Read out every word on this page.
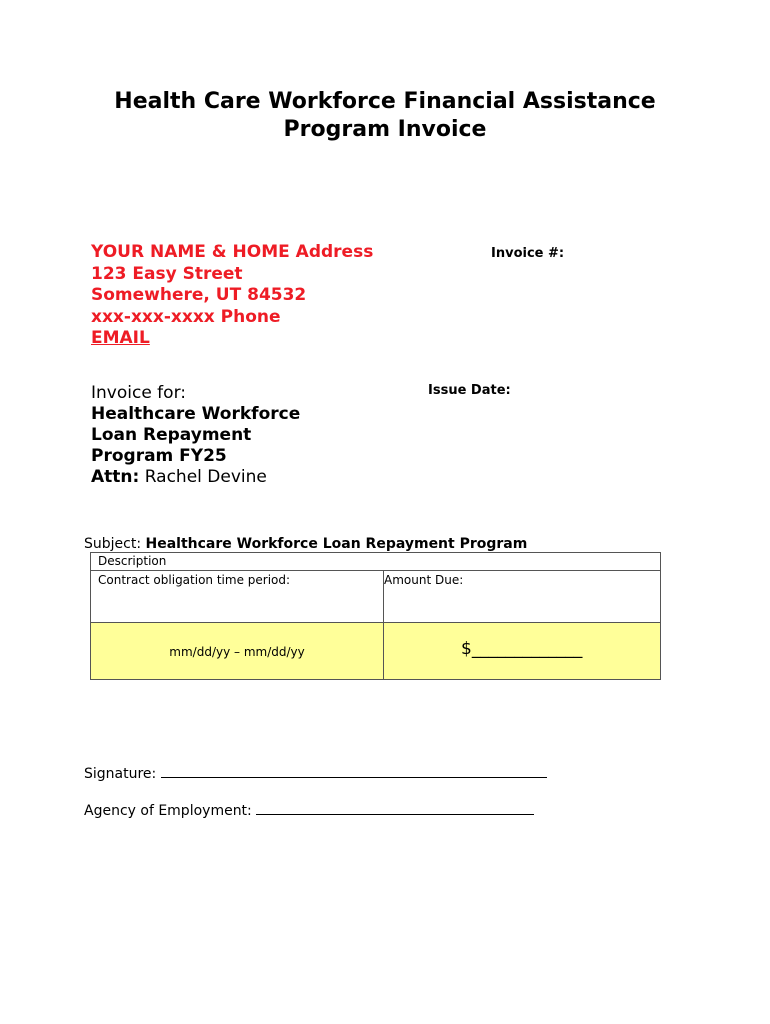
Health Care Workforce Financial Assistance
Program Invoice
YOUR NAME & HOME Address
123 Easy Street
Somewhere, UT 84532
xxx-xxx-xxxx Phone
EMAIL
Invoice #:
Issue Date:
Invoice for:
Healthcare Workforce
Loan Repayment
Program FY25
Attn: Rachel Devine
Subject: Healthcare Workforce Loan Repayment Program
Description
Contract obligation time period:	Amount Due:
mm/dd/yy – mm/dd/yy	$_____________
Signature:
Agency of Employment:
